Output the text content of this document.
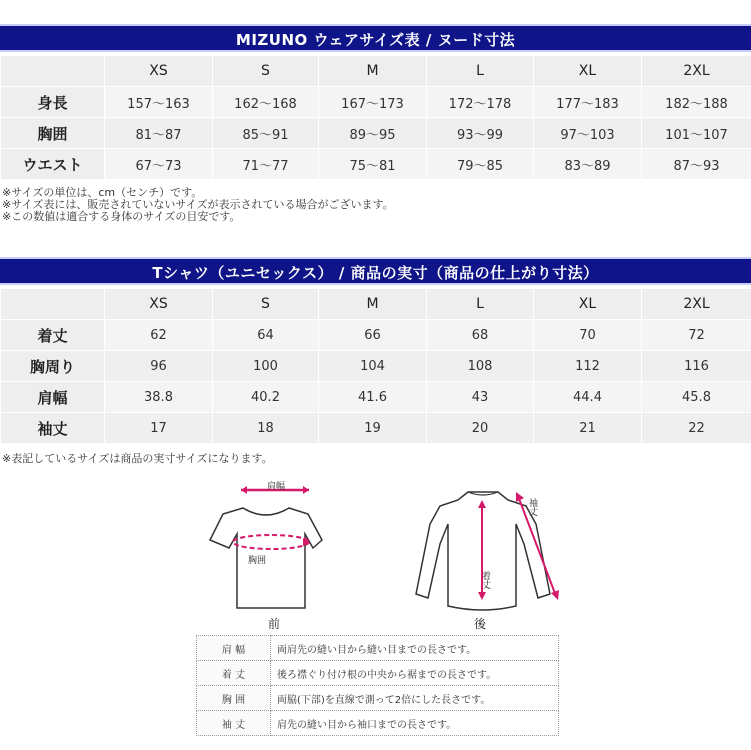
MIZUNO ウェアサイズ表 / ヌード寸法
	XS	S	M	L	XL	2XL
身長	157〜163	162〜168	167〜173	172〜178	177〜183	182〜188
胸囲	81〜87	85〜91	89〜95	93〜99	97〜103	101〜107
ウエスト	67〜73	71〜77	75〜81	79〜85	83〜89	87〜93
※サイズの単位は、cm（センチ）です。
※サイズ表には、販売されていないサイズが表示されている場合がございます。
※この数値は適合する身体のサイズの目安です。
Tシャツ（ユニセックス） / 商品の実寸（商品の仕上がり寸法）
	XS	S	M	L	XL	2XL
着丈	62	64	66	68	70	72
胸周り	96	100	104	108	112	116
肩幅	38.8	40.2	41.6	43	44.4	45.8
袖丈	17	18	19	20	21	22
※表記しているサイズは商品の実寸サイズになります。
肩幅
胸囲
前
袖丈
着丈
後
肩 幅	両肩先の縫い目から縫い目までの長さです。
着 丈	後ろ襟ぐり付け根の中央から裾までの長さです。
胸 囲	両脇(下部)を直線で測って2倍にした長さです。
袖 丈	肩先の縫い目から袖口までの長さです。
